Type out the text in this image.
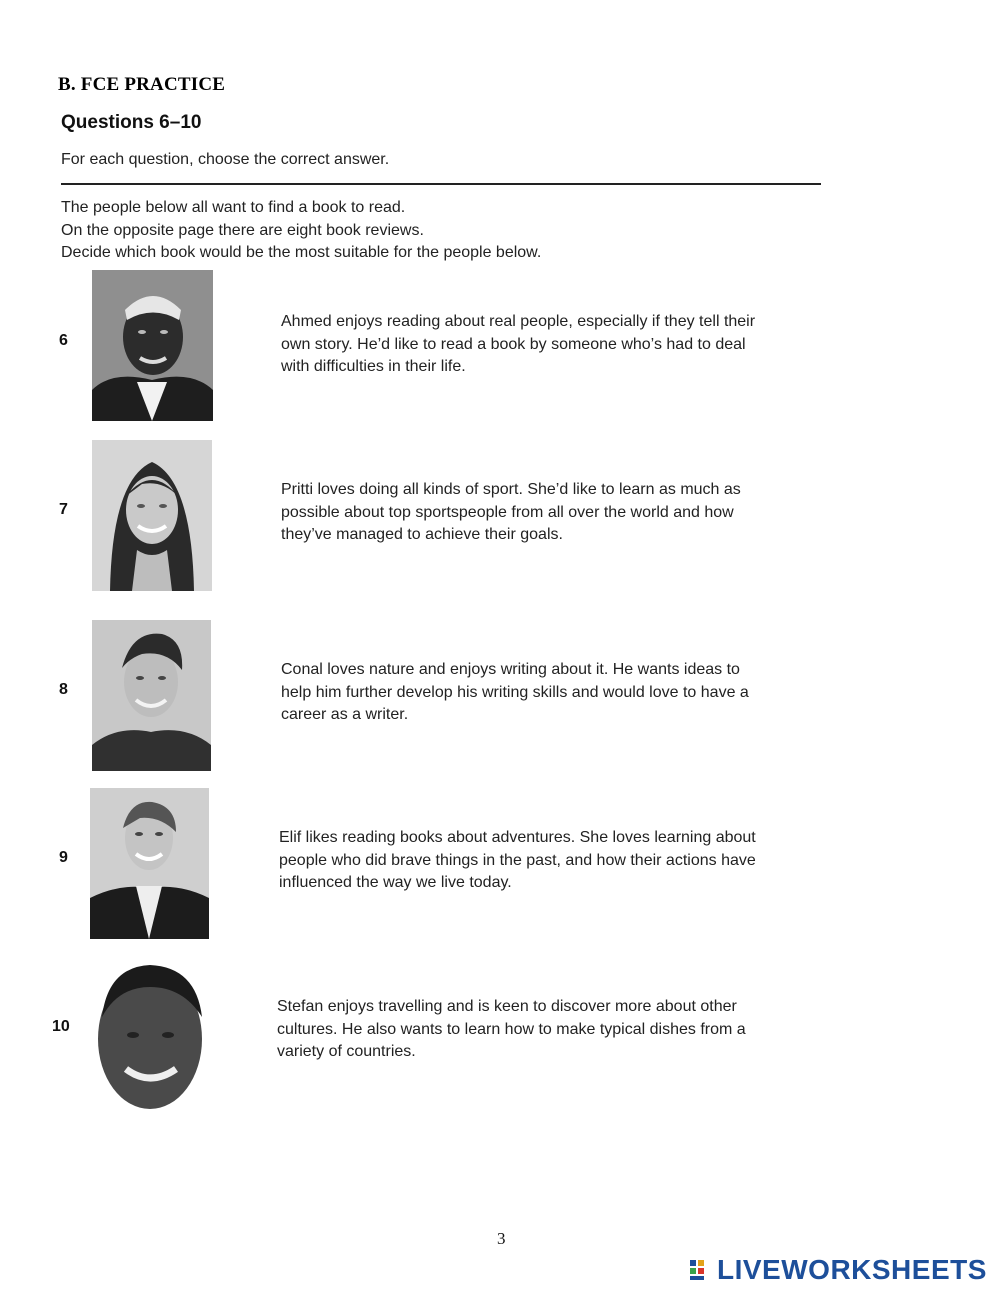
B. FCE PRACTICE
Questions 6–10
For each question, choose the correct answer.
The people below all want to find a book to read.
On the opposite page there are eight book reviews.
Decide which book would be the most suitable for the people below.
6
Ahmed enjoys reading about real people, especially if they tell their
own story. He’d like to read a book by someone who’s had to deal
with difficulties in their life.
7
Pritti loves doing all kinds of sport. She’d like to learn as much as
possible about top sportspeople from all over the world and how
they’ve managed to achieve their goals.
8
Conal loves nature and enjoys writing about it. He wants ideas to
help him further develop his writing skills and would love to have a
career as a writer.
9
Elif likes reading books about adventures. She loves learning about
people who did brave things in the past, and how their actions have
influenced the way we live today.
10
Stefan enjoys travelling and is keen to discover more about other
cultures. He also wants to learn how to make typical dishes from a
variety of countries.
3
LIVEWORKSHEETS
